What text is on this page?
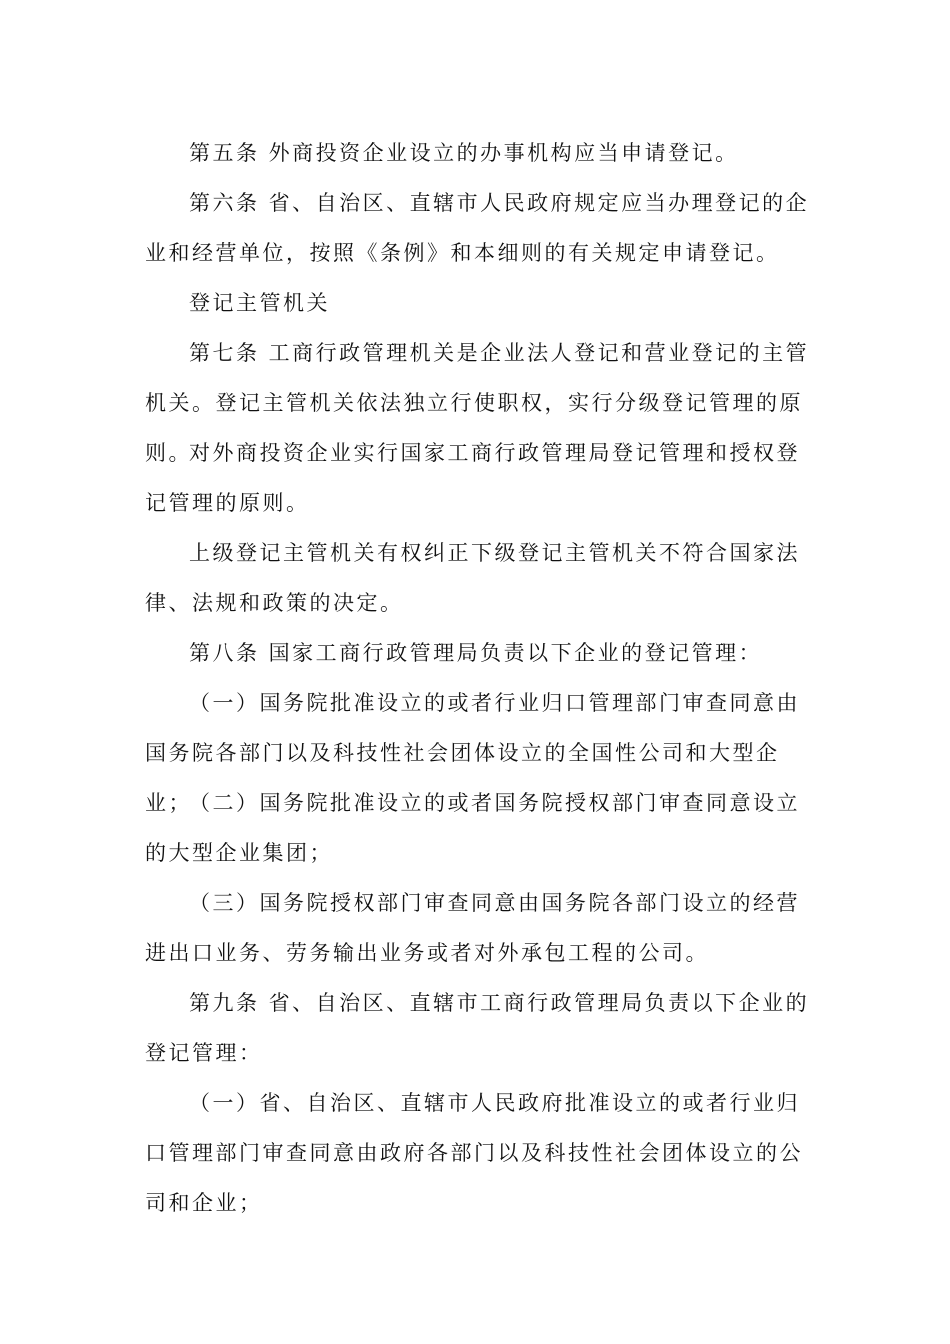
第五条 外商投资企业设立的办事机构应当申请登记。

第六条 省、自治区、直辖市人民政府规定应当办理登记的企业和经营单位，按照《条例》和本细则的有关规定申请登记。

登记主管机关

第七条 工商行政管理机关是企业法人登记和营业登记的主管机关。登记主管机关依法独立行使职权，实行分级登记管理的原则。

对外商投资企业实行国家工商行政管理局登记管理和授权登记管理的原则。

上级登记主管机关有权纠正下级登记主管机关不符合国家法律、法规和政策的决定。

第八条 国家工商行政管理局负责以下企业的登记管理：

（一）国务院批准设立的或者行业归口管理部门审查同意由国务院各部门以及科技性社会团体设立的全国性公司和大型企业；

（二）国务院批准设立的或者国务院授权部门审查同意设立的大型企业集团；

（三）国务院授权部门审查同意由国务院各部门设立的经营进出口业务、劳务输出业务或者对外承包工程的公司。

第九条 省、自治区、直辖市工商行政管理局负责以下企业的登记管理：

（一）省、自治区、直辖市人民政府批准设立的或者行业归口管理部门审查同意由政府各部门以及科技性社会团体设立的公司和企业；
